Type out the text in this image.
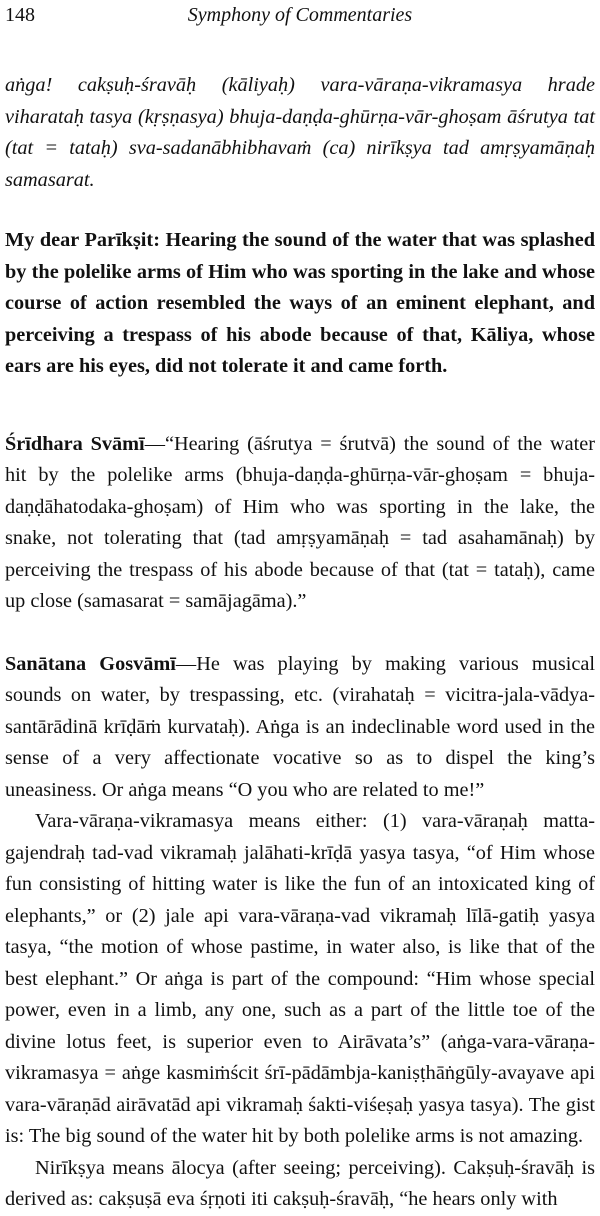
148	Symphony of Commentaries

aṅga! cakṣuḥ-śravāḥ (kāliyaḥ) vara-vāraṇa-vikramasya hrade viharataḥ tasya (kṛṣṇasya) bhuja-daṇḍa-ghūrṇa-vār-ghoṣam āśrutya tat (tat = tataḥ) sva-sadanābhibhavaṁ (ca) nirīkṣya tad amṛṣyamāṇaḥ samasarat.

My dear Parīkṣit: Hearing the sound of the water that was splashed by the polelike arms of Him who was sporting in the lake and whose course of action resembled the ways of an eminent elephant, and perceiving a trespass of his abode because of that, Kāliya, whose ears are his eyes, did not tolerate it and came forth.

Śrīdhara Svāmī—“Hearing (āśrutya = śrutvā) the sound of the water hit by the polelike arms (bhuja-daṇḍa-ghūrṇa-vār-ghoṣam = bhuja-daṇḍāhatodaka-ghoṣam) of Him who was sporting in the lake, the snake, not tolerating that (tad amṛṣyamāṇaḥ = tad asahamānaḥ) by perceiving the trespass of his abode because of that (tat = tataḥ), came up close (samasarat = samājagāma).”

Sanātana Gosvāmī—He was playing by making various musical sounds on water, by trespassing, etc. (virahataḥ = vicitra-jala-vādya-santārādinā krīḍāṁ kurvataḥ). Aṅga is an indeclinable word used in the sense of a very affectionate vocative so as to dispel the king’s uneasiness. Or aṅga means “O you who are related to me!”

Vara-vāraṇa-vikramasya means either: (1) vara-vāraṇaḥ matta-gajendraḥ tad-vad vikramaḥ jalāhati-krīḍā yasya tasya, “of Him whose fun consisting of hitting water is like the fun of an intoxicated king of elephants,” or (2) jale api vara-vāraṇa-vad vikramaḥ līlā-gatiḥ yasya tasya, “the motion of whose pastime, in water also, is like that of the best elephant.” Or aṅga is part of the compound: “Him whose special power, even in a limb, any one, such as a part of the little toe of the divine lotus feet, is superior even to Airāvata’s” (aṅga-vara-vāraṇa-vikramasya = aṅge kasmiṁścit śrī-pādāmbja-kaniṣṭhāṅgūly-avayave api vara-vāraṇād airāvatād api vikramaḥ śakti-viśeṣaḥ yasya tasya). The gist is: The big sound of the water hit by both polelike arms is not amazing.

Nirīkṣya means ālocya (after seeing; perceiving). Cakṣuḥ-śravāḥ is derived as: cakṣuṣā eva śṛṇoti iti cakṣuḥ-śravāḥ, “he hears only with
